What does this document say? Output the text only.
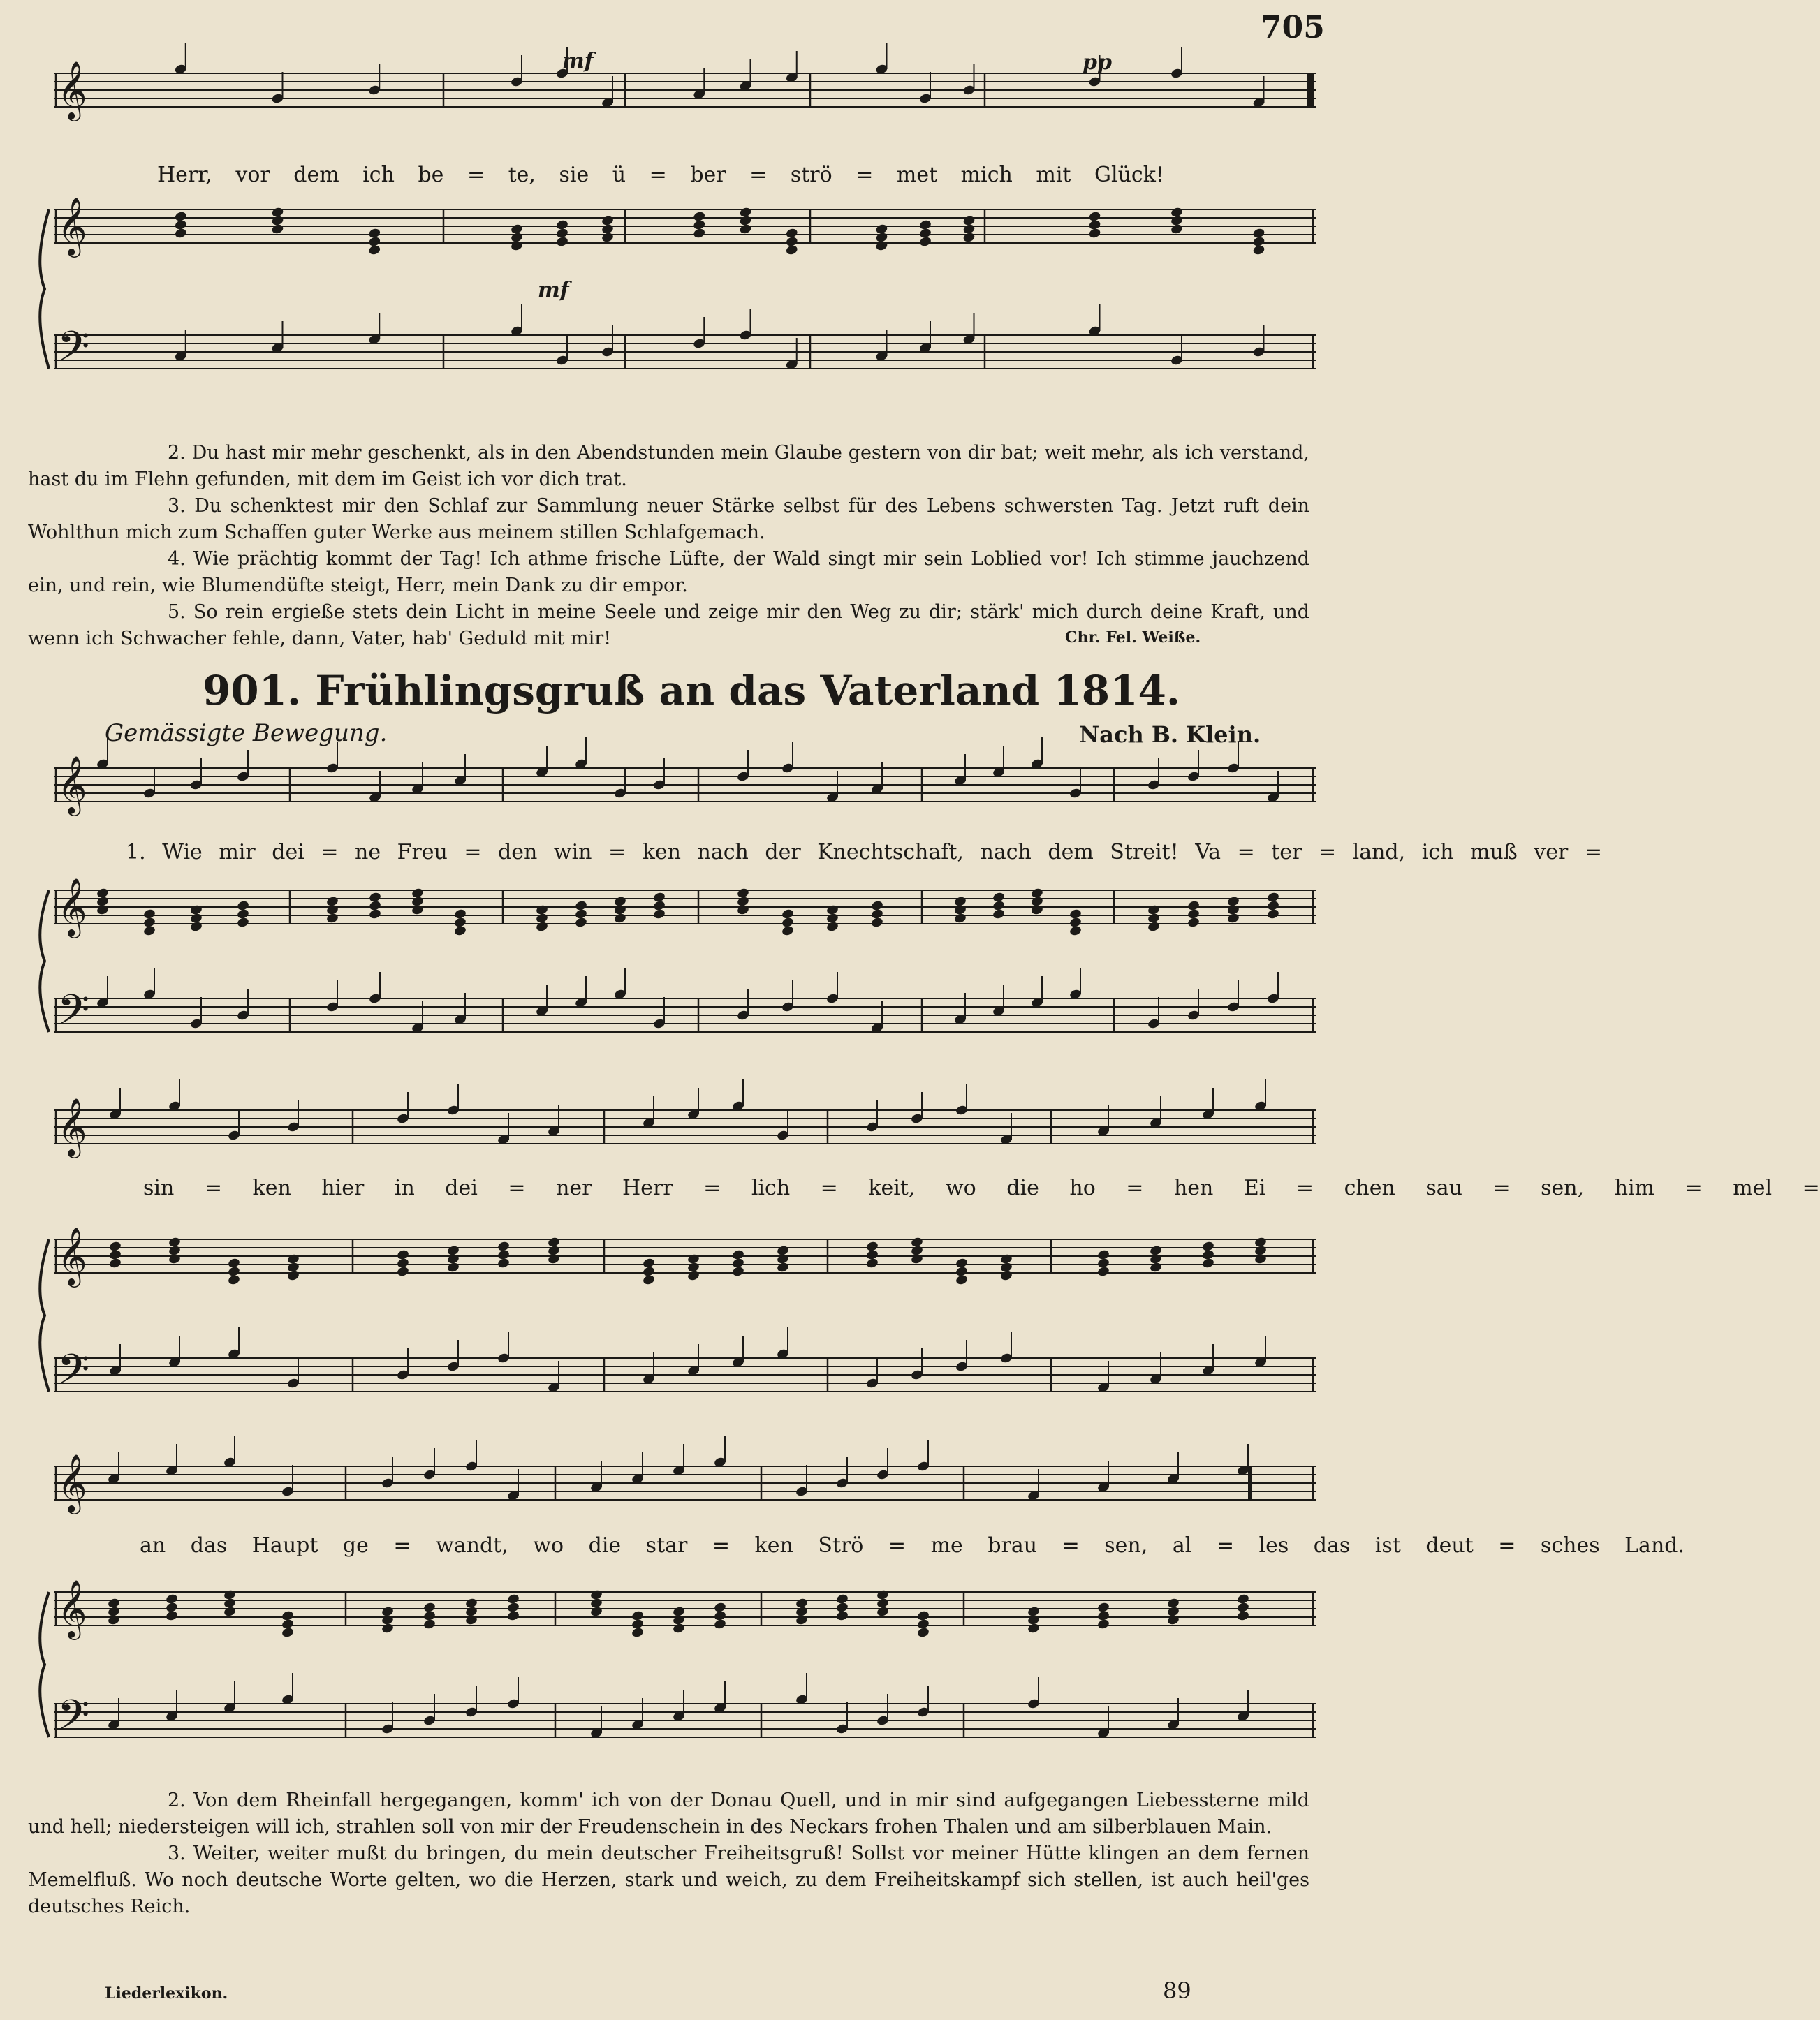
705
𝄞
𝄞
𝄢
𝄞
𝄞
𝄢
𝄞
𝄞
𝄢
𝄞
𝄞
𝄢
mf	pp
mf
Herr, vor dem ich be = te, sie ü = ber = strö = met mich mit Glück!

2. Du hast mir mehr geschenkt, als in den Abendstunden mein Glaube gestern von dir bat; weit mehr, als ich verstand, hast du im Flehn gefunden, mit dem im Geist ich vor dich trat.

3. Du schenktest mir den Schlaf zur Sammlung neuer Stärke selbst für des Lebens schwersten Tag. Jetzt ruft dein Wohlthun mich zum Schaffen guter Werke aus meinem stillen Schlafgemach.

4. Wie prächtig kommt der Tag! Ich athme frische Lüfte, der Wald singt mir sein Loblied vor! Ich stimme jauchzend ein, und rein, wie Blumendüfte steigt, Herr, mein Dank zu dir empor.

5. So rein ergieße stets dein Licht in meine Seele und zeige mir den Weg zu dir; stärk' mich durch deine Kraft, und wenn ich Schwacher fehle, dann, Vater, hab' Geduld mit mir!	Chr. Fel. Weiße.
901. Frühlingsgruß an das Vaterland 1814.
Gemässigte Bewegung.	Nach B. Klein.
1. Wie mir dei = ne Freu = den win = ken nach der Knechtschaft, nach dem Streit! Va = ter = land, ich muß ver =
sin = ken hier in dei = ner Herr = lich = keit, wo die ho = hen Ei = chen sau = sen, him = mel =
an das Haupt ge = wandt, wo die star = ken Strö = me brau = sen, al = les das ist deut = sches Land.

2. Von dem Rheinfall hergegangen, komm' ich von der Donau Quell, und in mir sind aufgegangen Liebessterne mild und hell; niedersteigen will ich, strahlen soll von mir der Freudenschein in des Neckars frohen Thalen und am silberblauen Main.

3. Weiter, weiter mußt du bringen, du mein deutscher Freiheitsgruß! Sollst vor meiner Hütte klingen an dem fernen Memelfluß. Wo noch deutsche Worte gelten, wo die Herzen, stark und weich, zu dem Freiheitskampf sich stellen, ist auch heil'ges deutsches Reich.

Liederlexikon.	89
